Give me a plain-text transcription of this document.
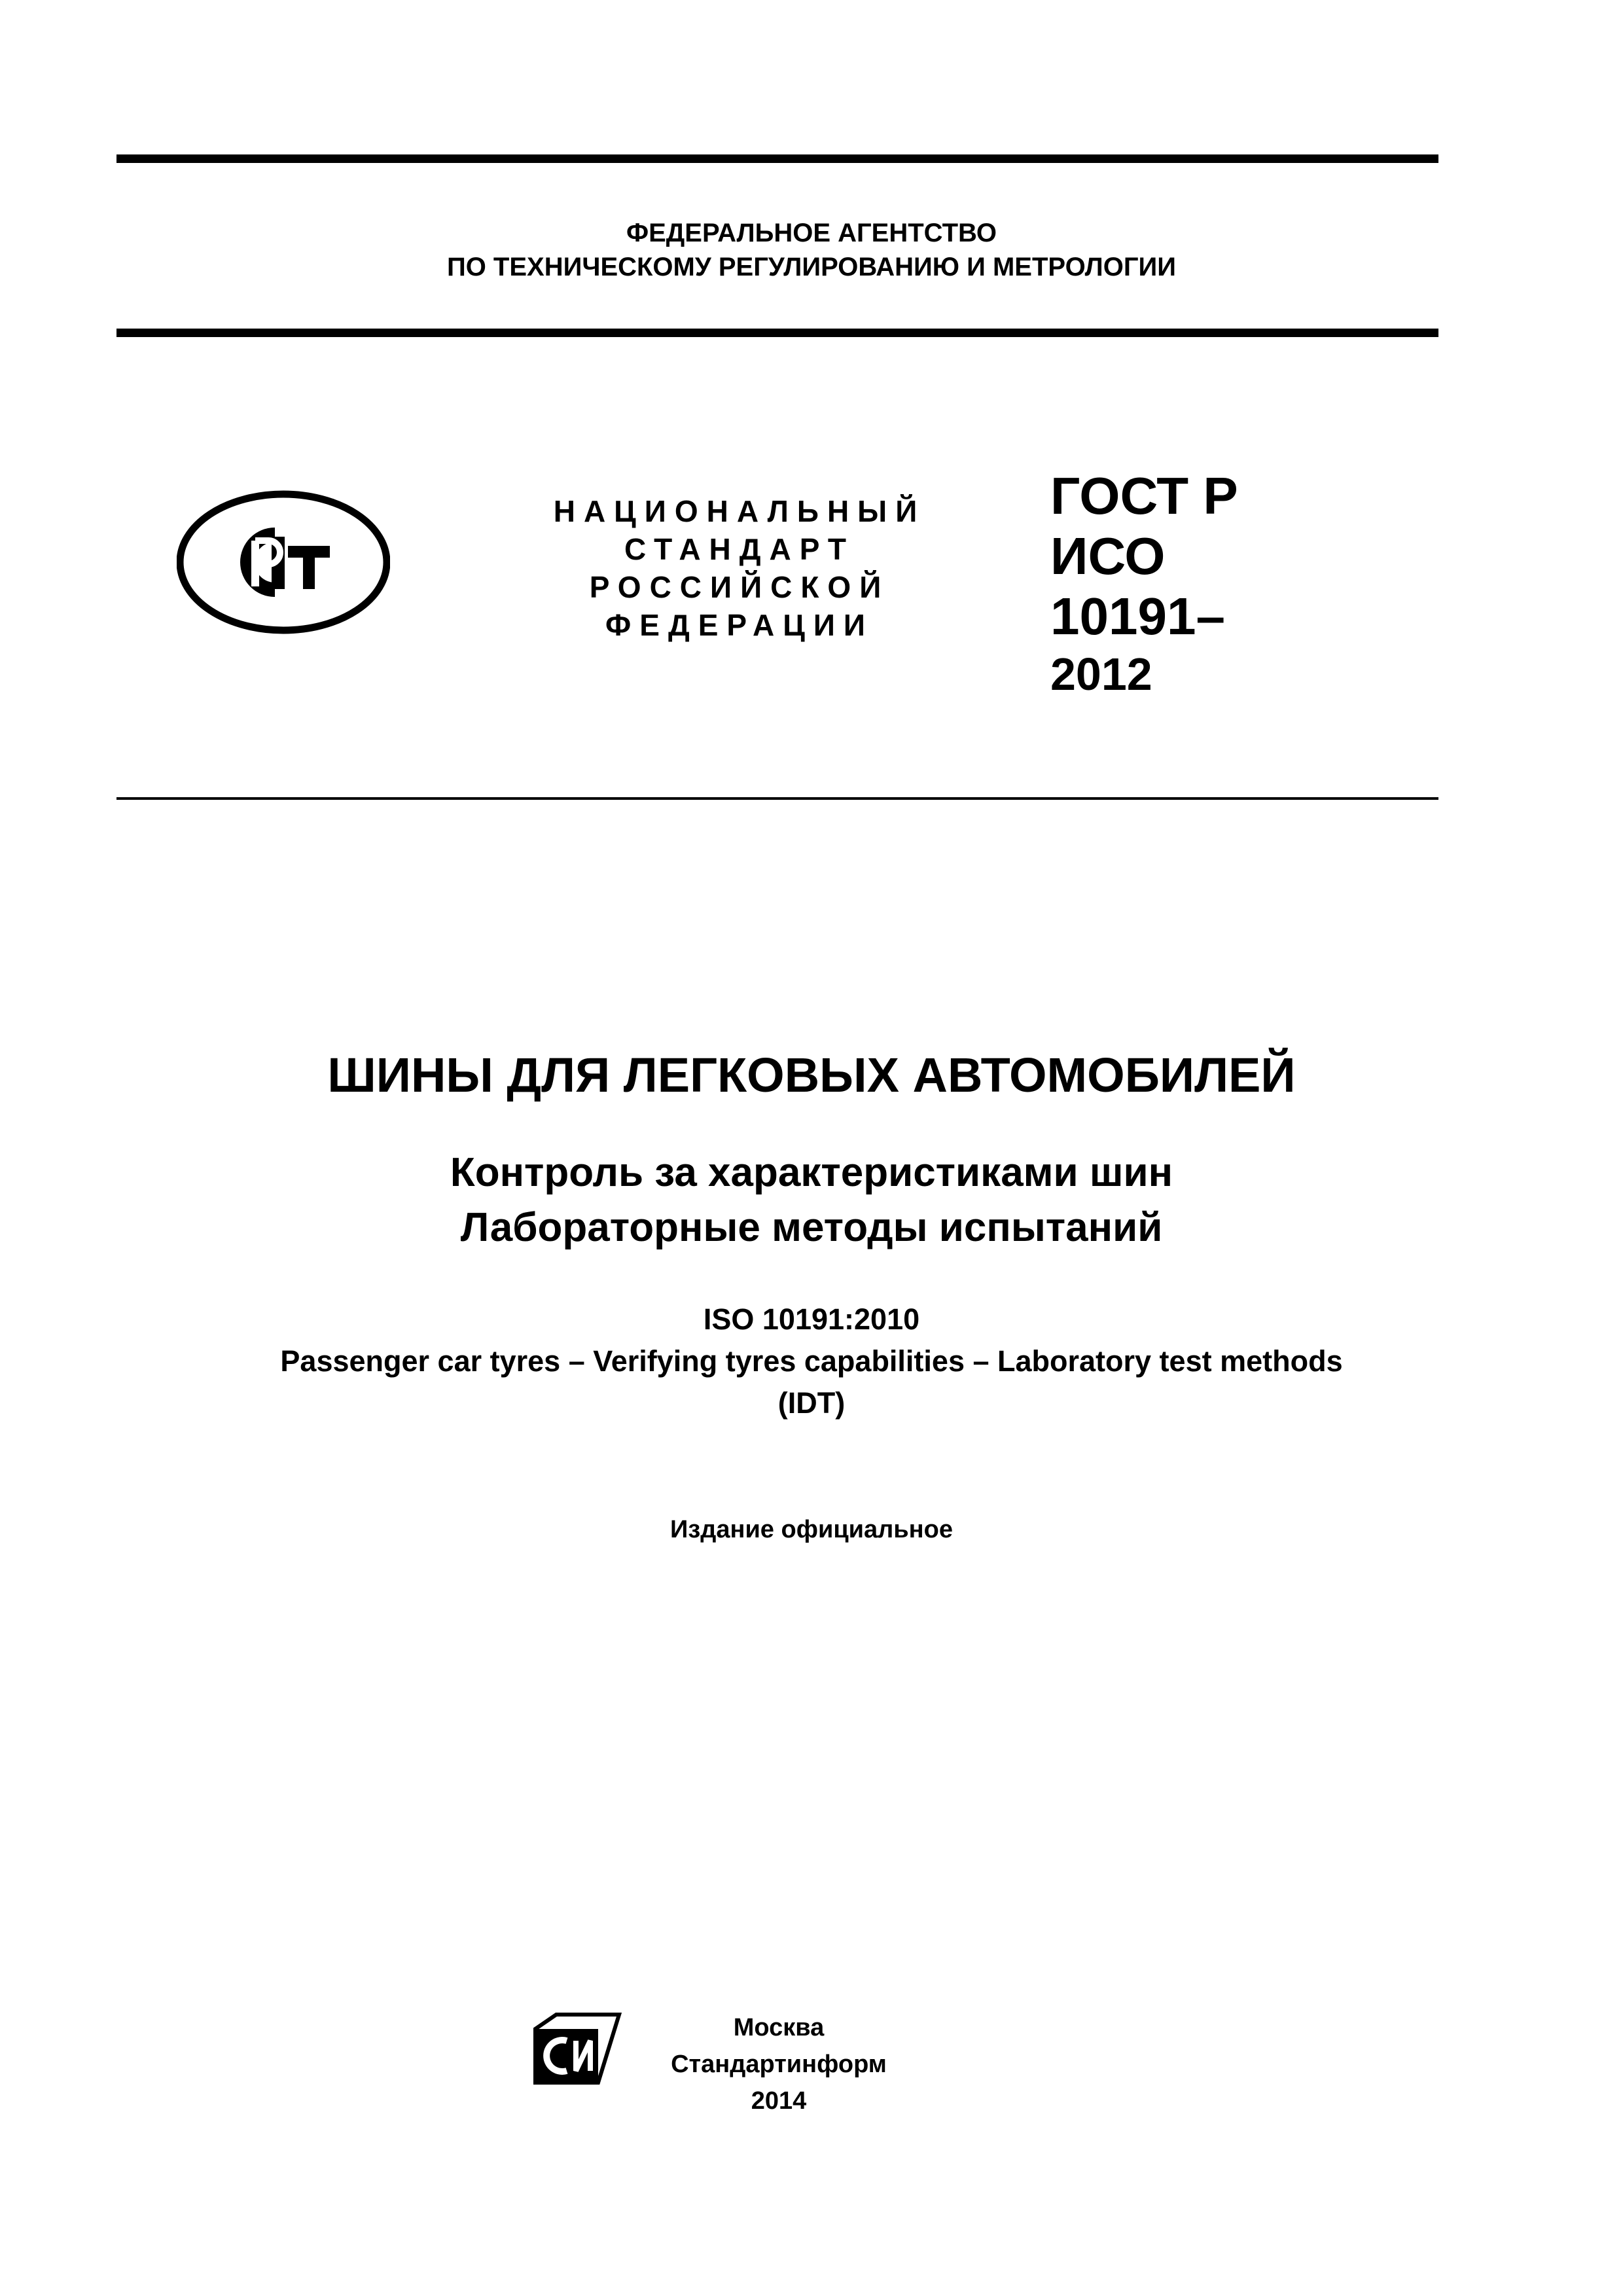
ФЕДЕРАЛЬНОЕ АГЕНТСТВО
ПО ТЕХНИЧЕСКОМУ РЕГУЛИРОВАНИЮ И МЕТРОЛОГИИ
НАЦИОНАЛЬНЫЙ
СТАНДАРТ
РОССИЙСКОЙ
ФЕДЕРАЦИИ
ГОСТ Р
ИСО
10191–
2012
ШИНЫ ДЛЯ ЛЕГКОВЫХ АВТОМОБИЛЕЙ
Контроль за характеристиками шин
Лабораторные методы испытаний
ISO 10191:2010
Passenger car tyres – Verifying tyres capabilities – Laboratory test methods
(IDT)
Издание официальное
Москва
Стандартинформ
2014
